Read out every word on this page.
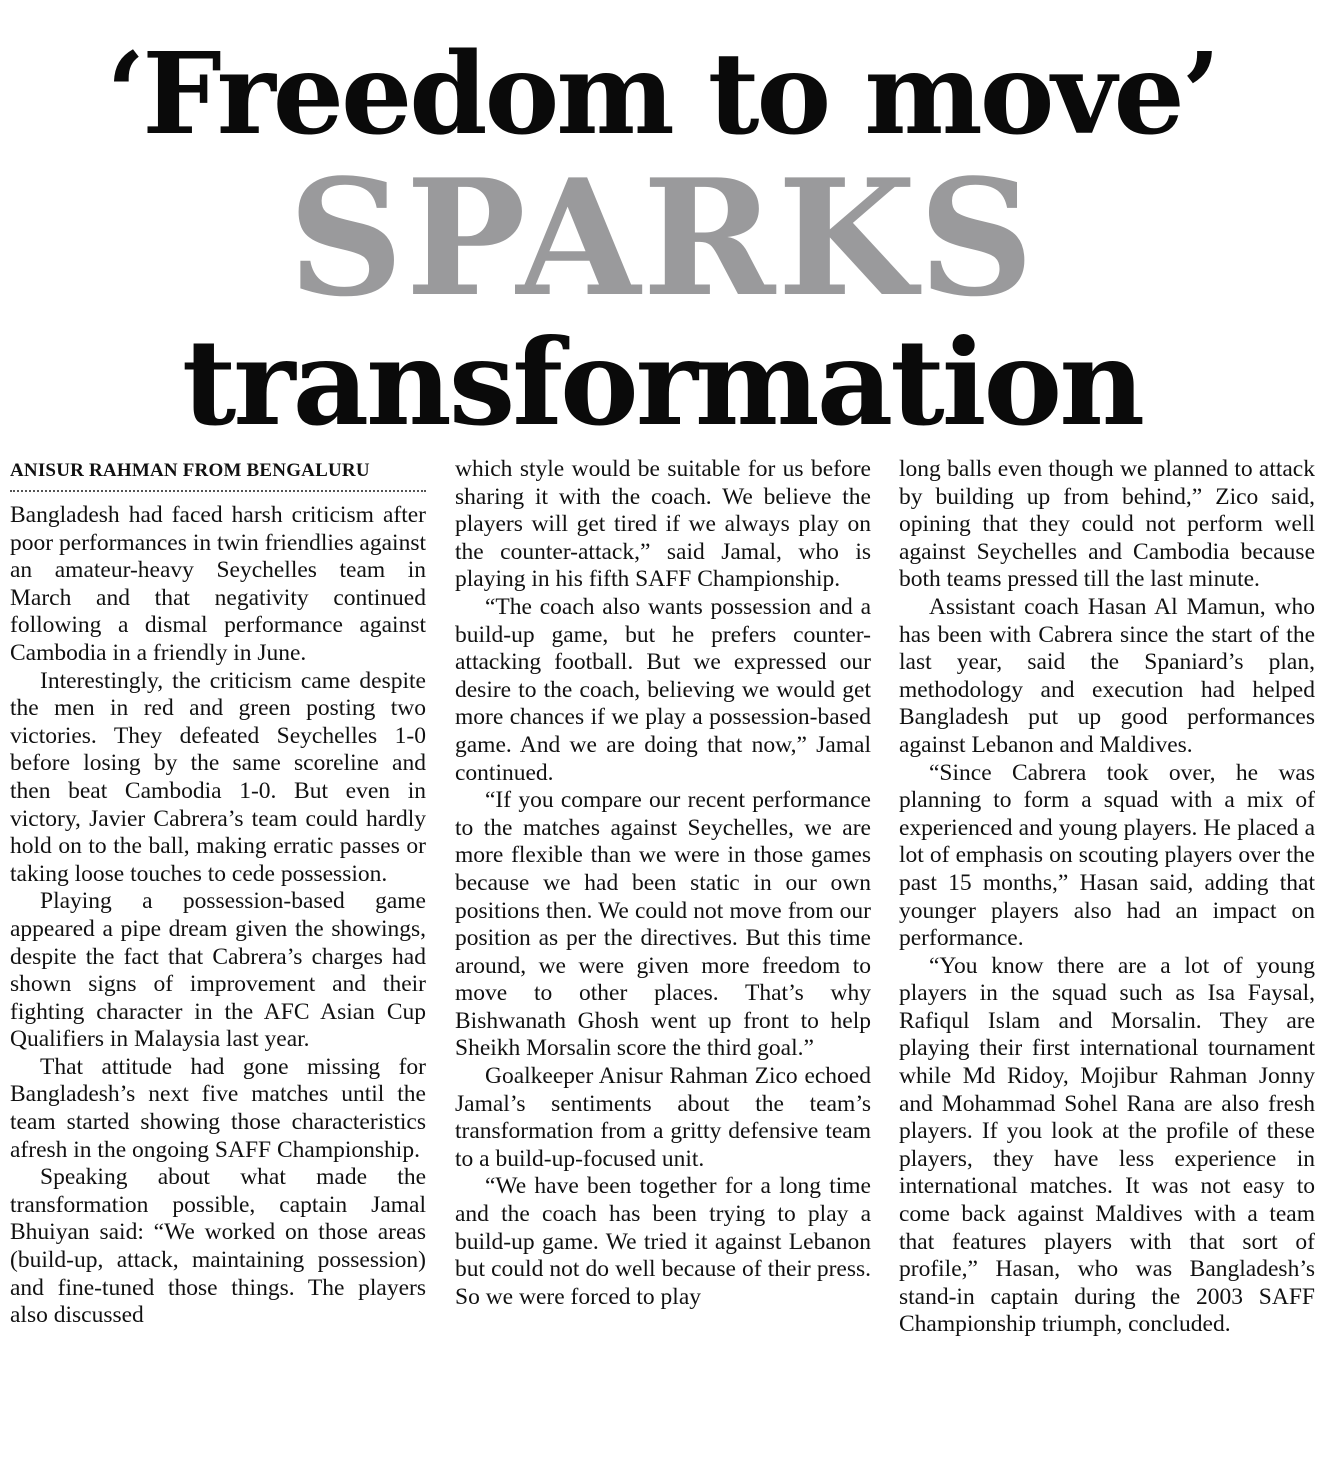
‘Freedom to move’
SPARKS
transformation
ANISUR RAHMAN FROM BENGALURU

Bangladesh had faced harsh criticism after poor performances in twin friendlies against an amateur-heavy Seychelles team in March and that negativity continued following a dismal performance against Cambodia in a friendly in June.

Interestingly, the criticism came despite the men in red and green posting two victories. They defeated Seychelles 1-0 before losing by the same scoreline and then beat Cambodia 1-0. But even in victory, Javier Cabrera’s team could hardly hold on to the ball, making erratic passes or taking loose touches to cede possession.

Playing a possession-based game appeared a pipe dream given the showings, despite the fact that Cabrera’s charges had shown signs of improvement and their fighting character in the AFC Asian Cup Qualifiers in Malaysia last year.

That attitude had gone missing for Bangladesh’s next five matches until the team started showing those characteristics afresh in the ongoing SAFF Championship.

Speaking about what made the transformation possible, captain Jamal Bhuiyan said: “We worked on those areas (build-up, attack, maintaining possession) and fine-tuned those things. The players also discussed

which style would be suitable for us before sharing it with the coach. We believe the players will get tired if we always play on the counter-attack,” said Jamal, who is playing in his fifth SAFF Championship.

“The coach also wants possession and a build-up game, but he prefers counter-attacking football. But we expressed our desire to the coach, believing we would get more chances if we play a possession-based game. And we are doing that now,” Jamal continued.

“If you compare our recent performance to the matches against Seychelles, we are more flexible than we were in those games because we had been static in our own positions then. We could not move from our position as per the directives. But this time around, we were given more freedom to move to other places. That’s why Bishwanath Ghosh went up front to help Sheikh Morsalin score the third goal.”

Goalkeeper Anisur Rahman Zico echoed Jamal’s sentiments about the team’s transformation from a gritty defensive team to a build-up-focused unit.

“We have been together for a long time and the coach has been trying to play a build-up game. We tried it against Lebanon but could not do well because of their press. So we were forced to play

long balls even though we planned to attack by building up from behind,” Zico said, opining that they could not perform well against Seychelles and Cambodia because both teams pressed till the last minute.

Assistant coach Hasan Al Mamun, who has been with Cabrera since the start of the last year, said the Spaniard’s plan, methodology and execution had helped Bangladesh put up good performances against Lebanon and Maldives.

“Since Cabrera took over, he was planning to form a squad with a mix of experienced and young players. He placed a lot of emphasis on scouting players over the past 15 months,” Hasan said, adding that younger players also had an impact on performance.

“You know there are a lot of young players in the squad such as Isa Faysal, Rafiqul Islam and Morsalin. They are playing their first international tournament while Md Ridoy, Mojibur Rahman Jonny and Mohammad Sohel Rana are also fresh players. If you look at the profile of these players, they have less experience in international matches. It was not easy to come back against Maldives with a team that features players with that sort of profile,” Hasan, who was Bangladesh’s stand-in captain during the 2003 SAFF Championship triumph, concluded.
